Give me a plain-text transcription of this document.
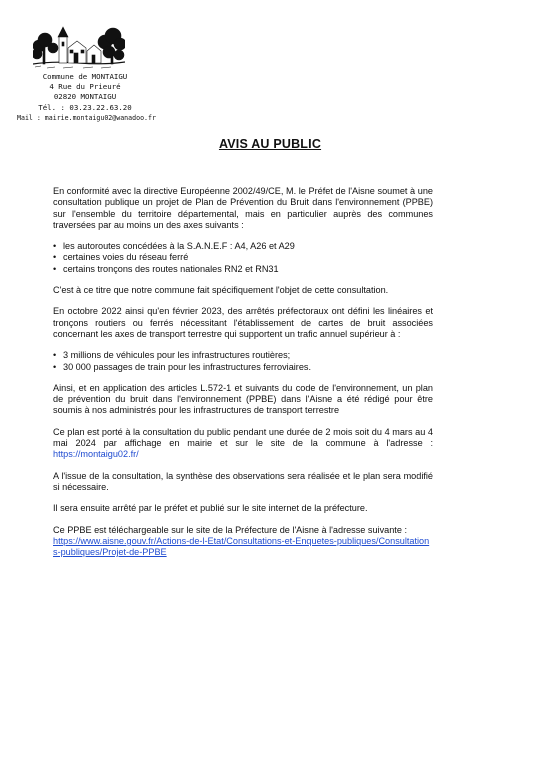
Commune de MONTAIGU
4 Rue du Prieuré
02820 MONTAIGU
Tél. : 03.23.22.63.20
Mail : mairie.montaigu02@wanadoo.fr
AVIS AU PUBLIC

En conformité avec la directive Européenne 2002/49/CE, M. le Préfet de l'Aisne soumet à une consultation publique un projet de Plan de Prévention du Bruit dans l'environnement (PPBE) sur l'ensemble du territoire départemental, mais en particulier auprès des communes traversées par au moins un des axes suivants :

• les autoroutes concédées à la S.A.N.E.F : A4, A26 et A29
• certaines voies du réseau ferré
• certains tronçons des routes nationales RN2 et RN31

C'est à ce titre que notre commune fait spécifiquement l'objet de cette consultation.

En octobre 2022 ainsi qu'en février 2023, des arrêtés préfectoraux ont défini les linéaires et tronçons routiers ou ferrés nécessitant l'établissement de cartes de bruit associées concernant les axes de transport terrestre qui supportent un trafic annuel supérieur à :

• 3 millions de véhicules pour les infrastructures routières;
• 30 000 passages de train pour les infrastructures ferroviaires.

Ainsi, et en application des articles L.572-1 et suivants du code de l'environnement, un plan de prévention du bruit dans l'environnement (PPBE) dans l'Aisne a été rédigé pour être soumis à nos administrés pour les infrastructures de transport terrestre

Ce plan est porté à la consultation du public pendant une durée de 2 mois soit du 4 mars au 4 mai 2024 par affichage en mairie et sur le site de la commune à l'adresse : https://montaigu02.fr/

A l'issue de la consultation, la synthèse des observations sera réalisée et le plan sera modifié si nécessaire.

Il sera ensuite arrêté par le préfet et publié sur le site internet de la préfecture.

Ce PPBE est téléchargeable sur le site de la Préfecture de l'Aisne à l'adresse suivante :
https://www.aisne.gouv.fr/Actions-de-l-Etat/Consultations-et-Enquetes-publiques/Consultations-publiques/Projet-de-PPBE
